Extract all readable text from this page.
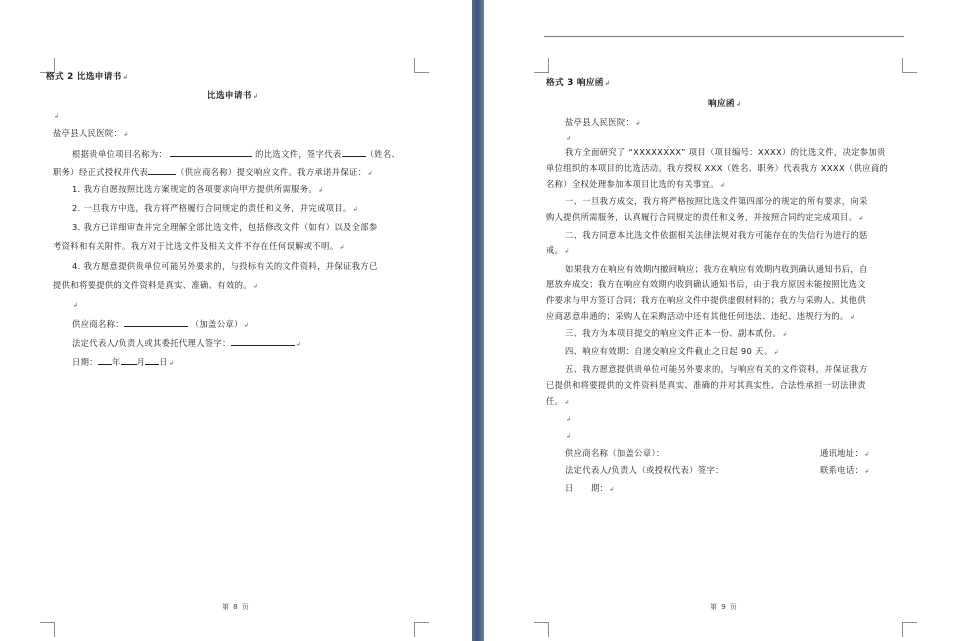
格式 2 比选申请书↲
比选申请书↲
↲
盐亭县人民医院：↲
根据贵单位项目名称为：	的比选文件，签字代表	（姓名、
职务）经正式授权并代表	（供应商名称）提交响应文件。我方承诺并保证：↲
1. 我方自愿按照比选方案规定的各项要求向甲方提供所需服务。↲
2. 一旦我方中选，我方将严格履行合同规定的责任和义务，并完成项目。↲
3. 我方已详细审查并完全理解全部比选文件，包括修改文件（如有）以及全部参
考资料和有关附件。我方对于比选文件及相关文件不存在任何误解或不明。↲
4. 我方愿意提供贵单位可能另外要求的，与投标有关的文件资料，并保证我方已
提供和将要提供的文件资料是真实、准确、有效的。↲
↲
供应商名称：	（加盖公章）↲
法定代表人/负责人或其委托代理人签字：	↲
日期： 年 月 日↲
第 8 页
格式 3 响应函↲
响应函↲
盐亭县人民医院：↲
↲
我方全面研究了 “XXXXXXXX” 项目（项目编号：XXXX）的比选文件，决定参加贵
单位组织的本项目的比选活动。我方授权 XXX（姓名、职务）代表我方 XXXX（供应商的
名称）全权处理参加本项目比选的有关事宜。↲
一、一旦我方成交，我方将严格按照比选文件第四部分的规定的所有要求，向采
购人提供所需服务，认真履行合同规定的责任和义务，并按照合同约定完成项目。↲
二、我方同意本比选文件依据相关法律法规对我方可能存在的失信行为进行的惩
戒。↲
如果我方在响应有效期内撤回响应；我方在响应有效期内收到确认通知书后，自
愿放弃成交；我方在响应有效期内收到确认通知书后，由于我方原因未能按照比选文
件要求与甲方签订合同；我方在响应文件中提供虚假材料的；我方与采购人、其他供
应商恶意串通的；采购人在采购活动中还有其他任何违法、违纪、违规行为的。↲
三、我方为本项目提交的响应文件正本一份、副本贰份。↲
四、响应有效期：自递交响应文件截止之日起 90 天。↲
五、我方愿意提供贵单位可能另外要求的，与响应有关的文件资料，并保证我方
已提供和将要提供的文件资料是真实、准确的并对其真实性、合法性承担一切法律责
任。↲
↲
↲
供应商名称（加盖公章）：	通讯地址：↲
法定代表人/负责人（或授权代表）签字：	联系电话：↲
日　　期：↲
第 9 页
